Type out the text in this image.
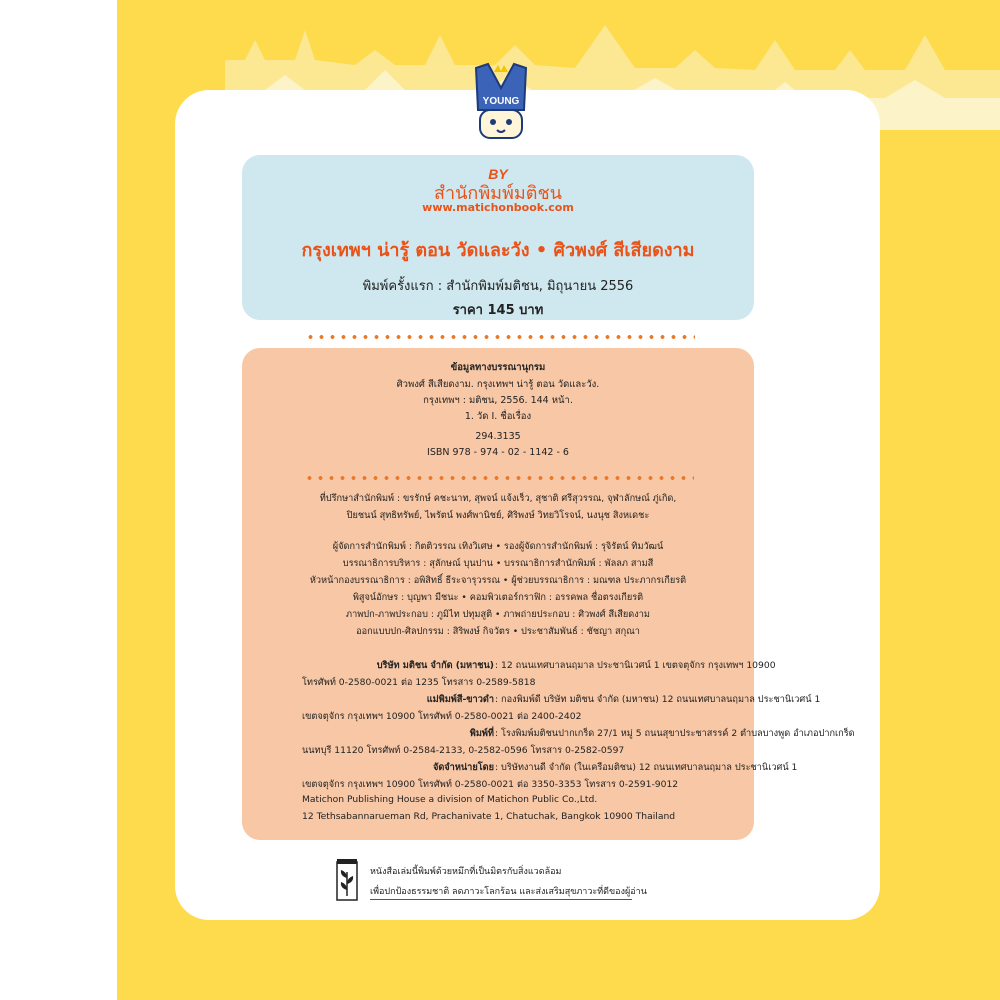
YOUNG
BY
สำนักพิมพ์มติชน
www.matichonbook.com
กรุงเทพฯ น่ารู้ ตอน วัดและวัง • ศิวพงศ์ สีเสียดงาม
พิมพ์ครั้งแรก : สำนักพิมพ์มติชน, มิถุนายน 2556
ราคา 145 บาท
ข้อมูลทางบรรณานุกรม
ศิวพงศ์ สีเสียดงาม. กรุงเทพฯ น่ารู้ ตอน วัดและวัง.
กรุงเทพฯ : มติชน, 2556. 144 หน้า.
1. วัด I. ชื่อเรื่อง
294.3135
ISBN 978 - 974 - 02 - 1142 - 6
ที่ปรึกษาสำนักพิมพ์ : ขรรักษ์ คชะนาท, สุพจน์ แจ้งเร็ว, สุชาติ ศรีสุวรรณ, จุฬาลักษณ์ ภู่เกิด,
ปิยชนน์ สุทธิทรัพย์, ไพรัตน์ พงศ์พานิชย์, ศิริพงษ์ วิทยวิโรจน์, นงนุช สิงหเดชะ
ผู้จัดการสำนักพิมพ์ : กิตติวรรณ เทิงวิเศษ • รองผู้จัดการสำนักพิมพ์ : รุจิรัตน์ ทิมวัฒน์
บรรณาธิการบริหาร : สุลักษณ์ บุนปาน • บรรณาธิการสำนักพิมพ์ : พัลลภ สามสี
หัวหน้ากองบรรณาธิการ : อพิสิทธิ์ ธีระจารุวรรณ • ผู้ช่วยบรรณาธิการ : มณฑล ประภากรเกียรติ
พิสูจน์อักษร : บุญพา มีชนะ • คอมพิวเตอร์กราฟิก : อรรคพล ชื่อตรงเกียรติ
ภาพปก-ภาพประกอบ : ภูมิไท ปทุมสูติ • ภาพถ่ายประกอบ : ศิวพงศ์ สีเสียดงาม
ออกแบบปก-ศิลปกรรม : สิริพงษ์ กิจวัตร • ประชาสัมพันธ์ : ชัชญา สกุณา
บริษัท มติชน จำกัด (มหาชน) : 12 ถนนเทศบาลนฤมาล ประชานิเวศน์ 1 เขตจตุจักร กรุงเทพฯ 10900
โทรศัพท์ 0-2580-0021 ต่อ 1235 โทรสาร 0-2589-5818
แม่พิมพ์สี-ขาวดำ : กองพิมพ์ดี บริษัท มติชน จำกัด (มหาชน) 12 ถนนเทศบาลนฤมาล ประชานิเวศน์ 1
เขตจตุจักร กรุงเทพฯ 10900 โทรศัพท์ 0-2580-0021 ต่อ 2400-2402
พิมพ์ที่ : โรงพิมพ์มติชนปากเกร็ด 27/1 หมู่ 5 ถนนสุขาประชาสรรค์ 2 ตำบลบางพูด อำเภอปากเกร็ด
นนทบุรี 11120 โทรศัพท์ 0-2584-2133, 0-2582-0596 โทรสาร 0-2582-0597
จัดจำหน่ายโดย : บริษัทงานดี จำกัด (ในเครือมติชน) 12 ถนนเทศบาลนฤมาล ประชานิเวศน์ 1
เขตจตุจักร กรุงเทพฯ 10900 โทรศัพท์ 0-2580-0021 ต่อ 3350-3353 โทรสาร 0-2591-9012
Matichon Publishing House a division of Matichon Public Co.,Ltd.
12 Tethsabannarueman Rd, Prachanivate 1, Chatuchak, Bangkok 10900 Thailand
หนังสือเล่มนี้พิมพ์ด้วยหมึกที่เป็นมิตรกับสิ่งแวดล้อม
เพื่อปกป้องธรรมชาติ ลดภาวะโลกร้อน และส่งเสริมสุขภาวะที่ดีของผู้อ่าน
